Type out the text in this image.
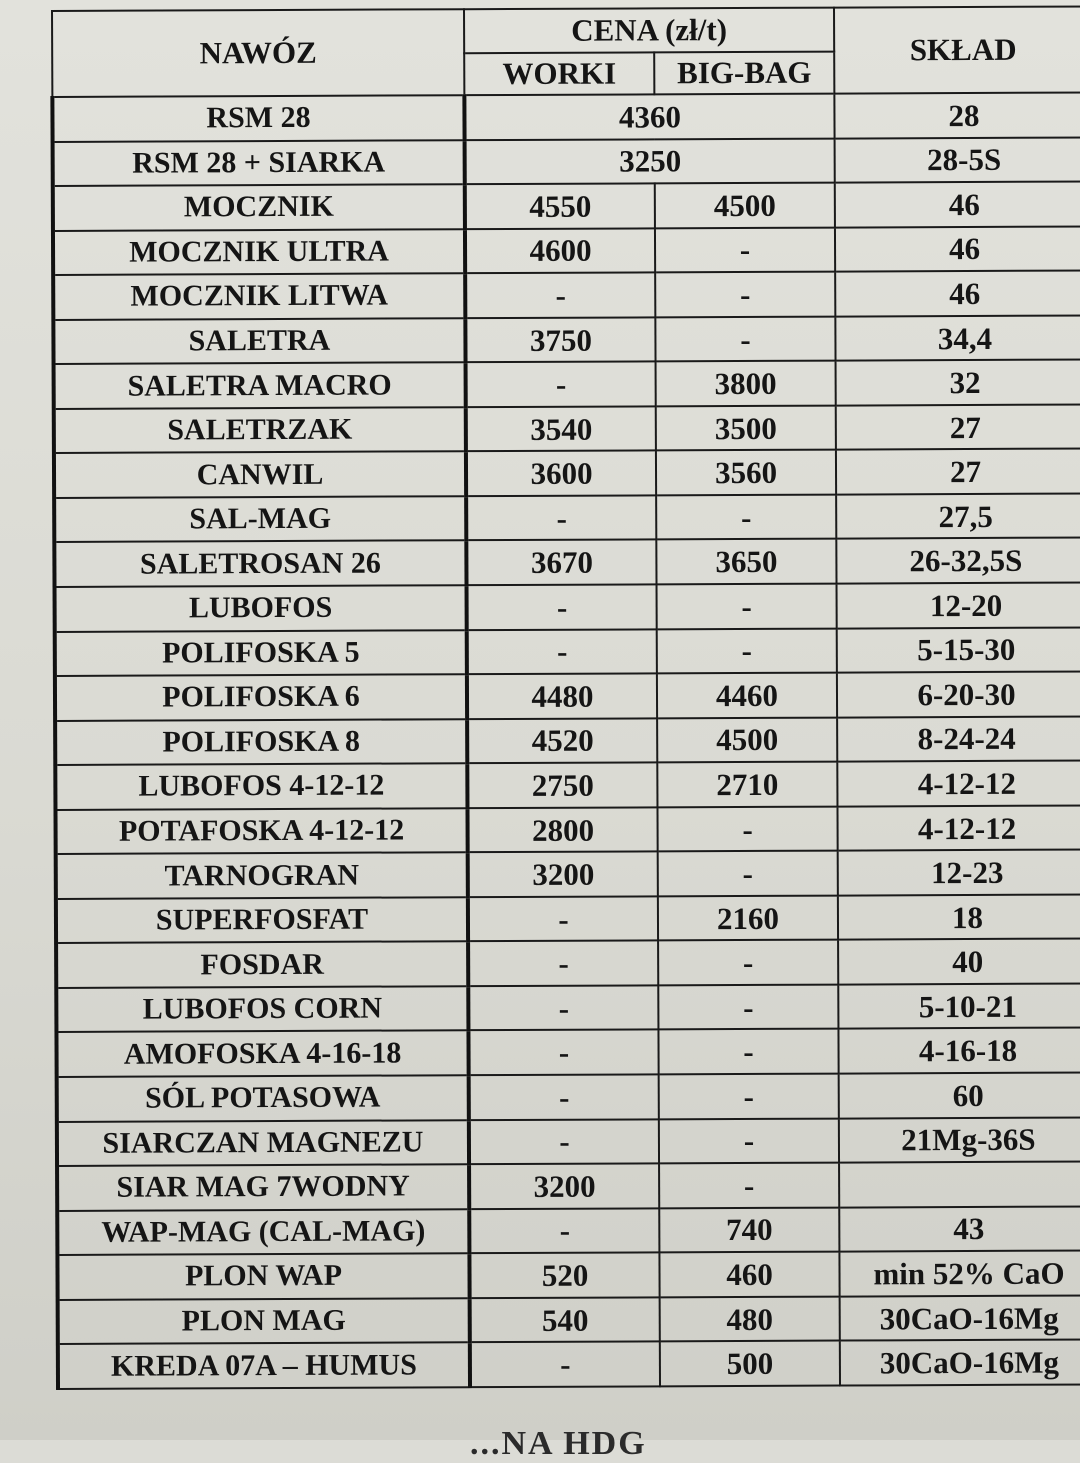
NAWÓZ	CENA (zł/t)		SKŁAD
	WORKI	BIG-BAG	
RSM 28	4360		28
RSM 28 + SIARKA	3250		28-5S
MOCZNIK	4550	4500	46
MOCZNIK ULTRA	4600	-	46
MOCZNIK LITWA	-	-	46
SALETRA	3750	-	34,4
SALETRA MACRO	-	3800	32
SALETRZAK	3540	3500	27
CANWIL	3600	3560	27
SAL-MAG	-	-	27,5
SALETROSAN 26	3670	3650	26-32,5S
LUBOFOS	-	-	12-20
POLIFOSKA 5	-	-	5-15-30
POLIFOSKA 6	4480	4460	6-20-30
POLIFOSKA 8	4520	4500	8-24-24
LUBOFOS 4-12-12	2750	2710	4-12-12
POTAFOSKA 4-12-12	2800	-	4-12-12
TARNOGRAN	3200	-	12-23
SUPERFOSFAT	-	2160	18
FOSDAR	-	-	40
LUBOFOS CORN	-	-	5-10-21
AMOFOSKA 4-16-18	-	-	4-16-18
SÓL POTASOWA	-	-	60
SIARCZAN MAGNEZU	-	-	21Mg-36S
SIAR MAG 7WODNY	3200	-	
WAP-MAG (CAL-MAG)	-	740	43
PLON WAP	520	460	min 52% CaO
PLON MAG	540	480	30CaO-16Mg
KREDA 07A – HUMUS	-	500	30CaO-16Mg
...NA HDG
